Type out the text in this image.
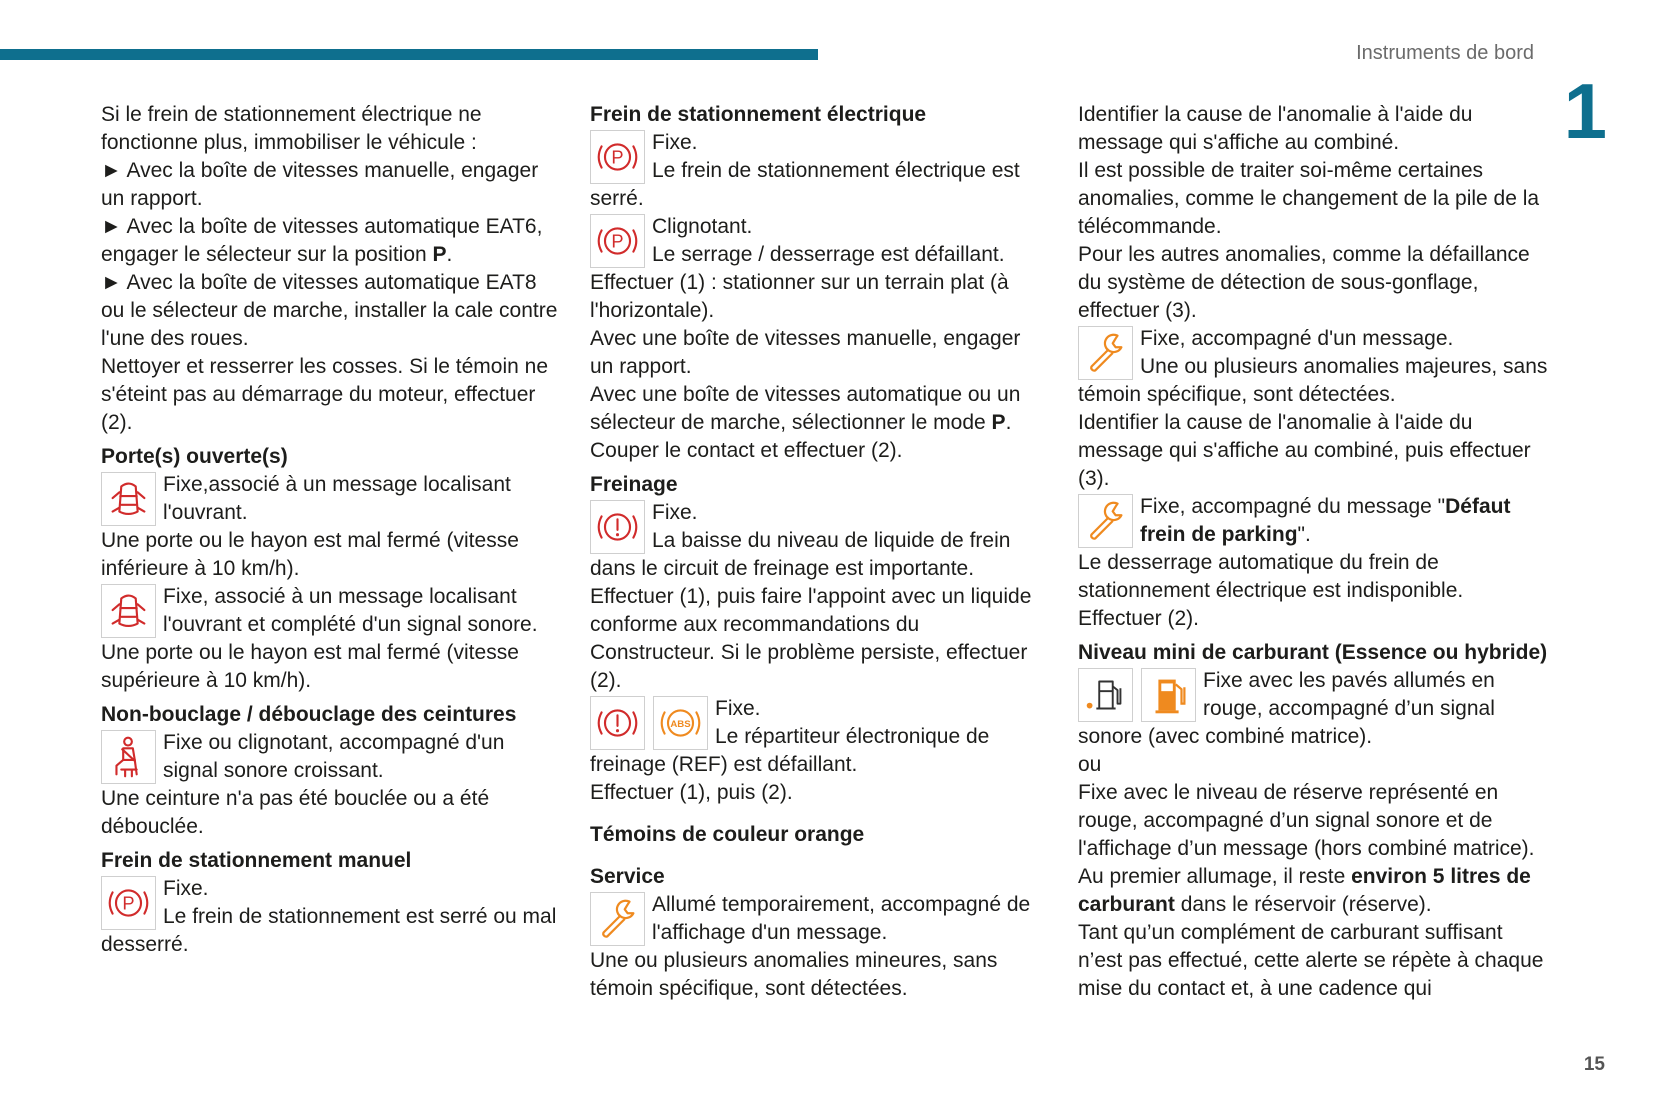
Instruments de bord
1

Si le frein de stationnement électrique ne fonctionne plus, immobiliser le véhicule :

► Avec la boîte de vitesses manuelle, engager un rapport.

► Avec la boîte de vitesses automatique EAT6, engager le sélecteur sur la position P.

► Avec la boîte de vitesses automatique EAT8 ou le sélecteur de marche, installer la cale contre l'une des roues.

Nettoyer et resserrer les cosses. Si le témoin ne s'éteint pas au démarrage du moteur, effectuer (2).

Porte(s) ouverte(s)

Fixe,associé à un message localisant l'ouvrant.

Une porte ou le hayon est mal fermé (vitesse inférieure à 10 km/h).

Fixe, associé à un message localisant l'ouvrant et complété d'un signal sonore.

Une porte ou le hayon est mal fermé (vitesse supérieure à 10 km/h).

Non-bouclage / débouclage des ceintures

Fixe ou clignotant, accompagné d'un signal sonore croissant.

Une ceinture n'a pas été bouclée ou a été débouclée.

Frein de stationnement manuel
P

Fixe.

Le frein de stationnement est serré ou mal desserré.

Frein de stationnement électrique
P

Fixe.

Le frein de stationnement électrique est serré.

P

Clignotant.

Le serrage / desserrage est défaillant.

Effectuer (1) : stationner sur un terrain plat (à l'horizontale).

Avec une boîte de vitesses manuelle, engager un rapport.

Avec une boîte de vitesses automatique ou un sélecteur de marche, sélectionner le mode P.

Couper le contact et effectuer (2).

Freinage

Fixe.

La baisse du niveau de liquide de frein dans le circuit de freinage est importante.

Effectuer (1), puis faire l'appoint avec un liquide conforme aux recommandations du Constructeur. Si le problème persiste, effectuer (2).

ABS

Fixe.

Le répartiteur électronique de freinage (REF) est défaillant.

Effectuer (1), puis (2).

Témoins de couleur orange
Service

Allumé temporairement, accompagné de l'affichage d'un message.

Une ou plusieurs anomalies mineures, sans témoin spécifique, sont détectées.

Identifier la cause de l'anomalie à l'aide du message qui s'affiche au combiné.

Il est possible de traiter soi-même certaines anomalies, comme le changement de la pile de la télécommande.

Pour les autres anomalies, comme la défaillance du système de détection de sous-gonflage, effectuer (3).

Fixe, accompagné d'un message.

Une ou plusieurs anomalies majeures, sans témoin spécifique, sont détectées.

Identifier la cause de l'anomalie à l'aide du message qui s'affiche au combiné, puis effectuer (3).

Fixe, accompagné du message "Défaut frein de parking".

Le desserrage automatique du frein de stationnement électrique est indisponible.

Effectuer (2).

Niveau mini de carburant (Essence ou hybride)

Fixe avec les pavés allumés en rouge, accompagné d’un signal sonore (avec combiné matrice).

ou

Fixe avec le niveau de réserve représenté en rouge, accompagné d’un signal sonore et de l'affichage d’un message (hors combiné matrice).

Au premier allumage, il reste environ 5 litres de carburant dans le réservoir (réserve).

Tant qu’un complément de carburant suffisant n’est pas effectué, cette alerte se répète à chaque mise du contact et, à une cadence qui

15
